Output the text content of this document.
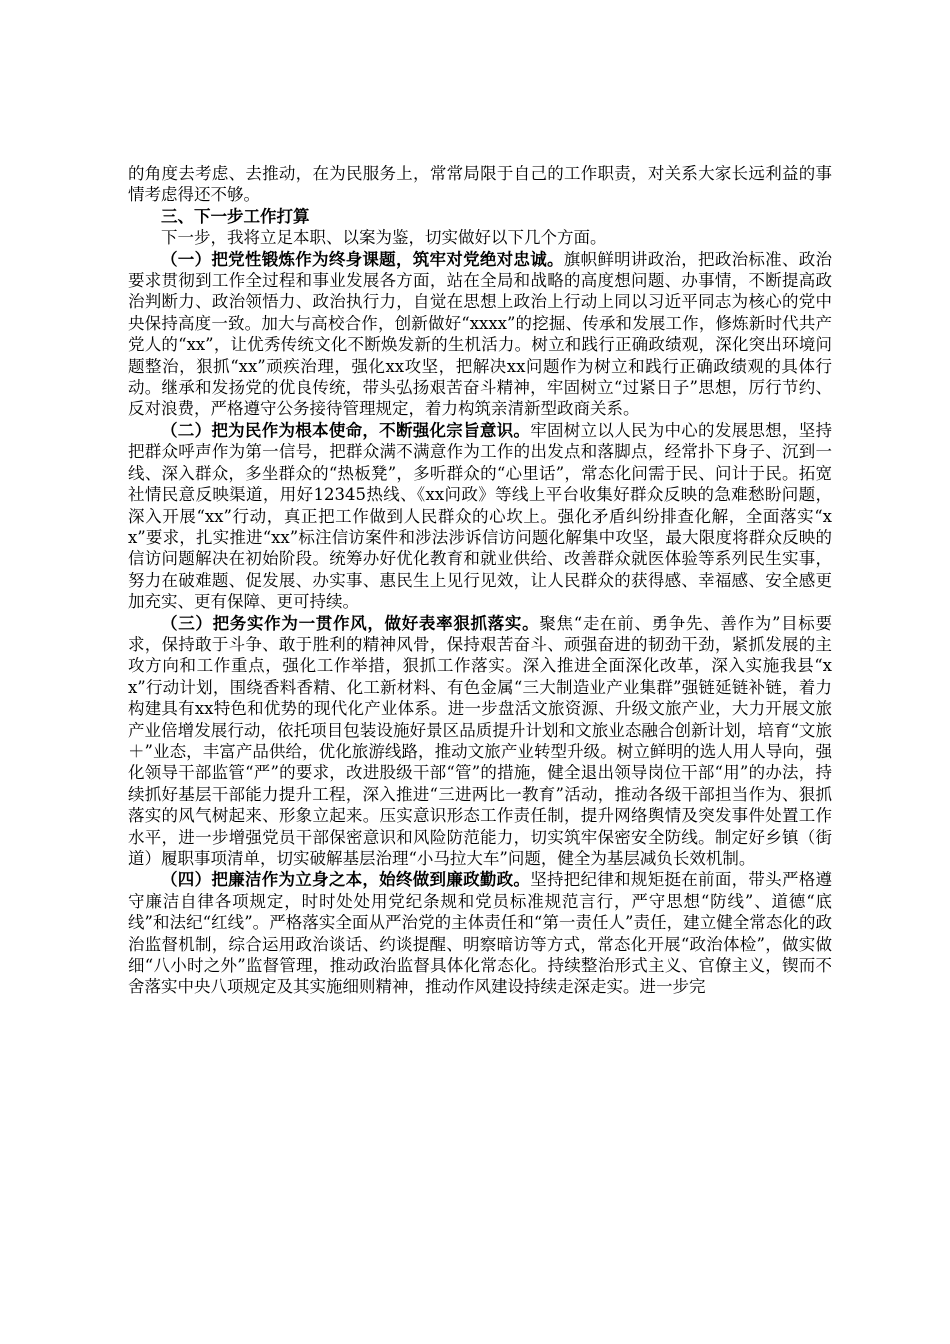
的角度去考虑、去推动，在为民服务上，常常局限于自己的工作职责，对关系大家长远利益的事情考虑得还不够。

三、下一步工作打算

下一步，我将立足本职、以案为鉴，切实做好以下几个方面。

（一）把党性锻炼作为终身课题，筑牢对党绝对忠诚。旗帜鲜明讲政治，把政治标准、政治要求贯彻到工作全过程和事业发展各方面，站在全局和战略的高度想问题、办事情，不断提高政治判断力、政治领悟力、政治执行力，自觉在思想上政治上行动上同以习近平同志为核心的党中央保持高度一致。加大与高校合作，创新做好“xxxx”的挖掘、传承和发展工作，修炼新时代共产党人的“xx”，让优秀传统文化不断焕发新的生机活力。树立和践行正确政绩观，深化突出环境问题整治，狠抓“xx”顽疾治理，强化xx攻坚，把解决xx问题作为树立和践行正确政绩观的具体行动。继承和发扬党的优良传统，带头弘扬艰苦奋斗精神，牢固树立“过紧日子”思想，厉行节约、反对浪费，严格遵守公务接待管理规定，着力构筑亲清新型政商关系。

（二）把为民作为根本使命，不断强化宗旨意识。牢固树立以人民为中心的发展思想，坚持把群众呼声作为第一信号，把群众满不满意作为工作的出发点和落脚点，经常扑下身子、沉到一线、深入群众，多坐群众的“热板凳”，多听群众的“心里话”，常态化问需于民、问计于民。拓宽社情民意反映渠道，用好12345热线、《xx问政》等线上平台收集好群众反映的急难愁盼问题，深入开展“xx”行动，真正把工作做到人民群众的心坎上。强化矛盾纠纷排查化解，全面落实“xx”要求，扎实推进“xx”标注信访案件和涉法涉诉信访问题化解集中攻坚，最大限度将群众反映的信访问题解决在初始阶段。统筹办好优化教育和就业供给、改善群众就医体验等系列民生实事，努力在破难题、促发展、办实事、惠民生上见行见效，让人民群众的获得感、幸福感、安全感更加充实、更有保障、更可持续。

（三）把务实作为一贯作风，做好表率狠抓落实。聚焦“走在前、勇争先、善作为”目标要求，保持敢于斗争、敢于胜利的精神风骨，保持艰苦奋斗、顽强奋进的韧劲干劲，紧抓发展的主攻方向和工作重点，强化工作举措，狠抓工作落实。深入推进全面深化改革，深入实施我县“xx”行动计划，围绕香料香精、化工新材料、有色金属“三大制造业产业集群”强链延链补链，着力构建具有xx特色和优势的现代化产业体系。进一步盘活文旅资源、升级文旅产业，大力开展文旅产业倍增发展行动，依托项目包装设施好景区品质提升计划和文旅业态融合创新计划，培育“文旅＋”业态，丰富产品供给，优化旅游线路，推动文旅产业转型升级。树立鲜明的选人用人导向，强化领导干部监管“严”的要求，改进股级干部“管”的措施，健全退出领导岗位干部“用”的办法，持续抓好基层干部能力提升工程，深入推进“三进两比一教育”活动，推动各级干部担当作为、狠抓落实的风气树起来、形象立起来。压实意识形态工作责任制，提升网络舆情及突发事件处置工作水平，进一步增强党员干部保密意识和风险防范能力，切实筑牢保密安全防线。制定好乡镇（街道）履职事项清单，切实破解基层治理“小马拉大车”问题，健全为基层减负长效机制。

（四）把廉洁作为立身之本，始终做到廉政勤政。坚持把纪律和规矩挺在前面，带头严格遵守廉洁自律各项规定，时时处处用党纪条规和党员标准规范言行，严守思想“防线”、道德“底线”和法纪“红线”。严格落实全面从严治党的主体责任和“第一责任人”责任，建立健全常态化的政治监督机制，综合运用政治谈话、约谈提醒、明察暗访等方式，常态化开展“政治体检”，做实做细“八小时之外”监督管理，推动政治监督具体化常态化。持续整治形式主义、官僚主义，锲而不舍落实中央八项规定及其实施细则精神，推动作风建设持续走深走实。进一步完
